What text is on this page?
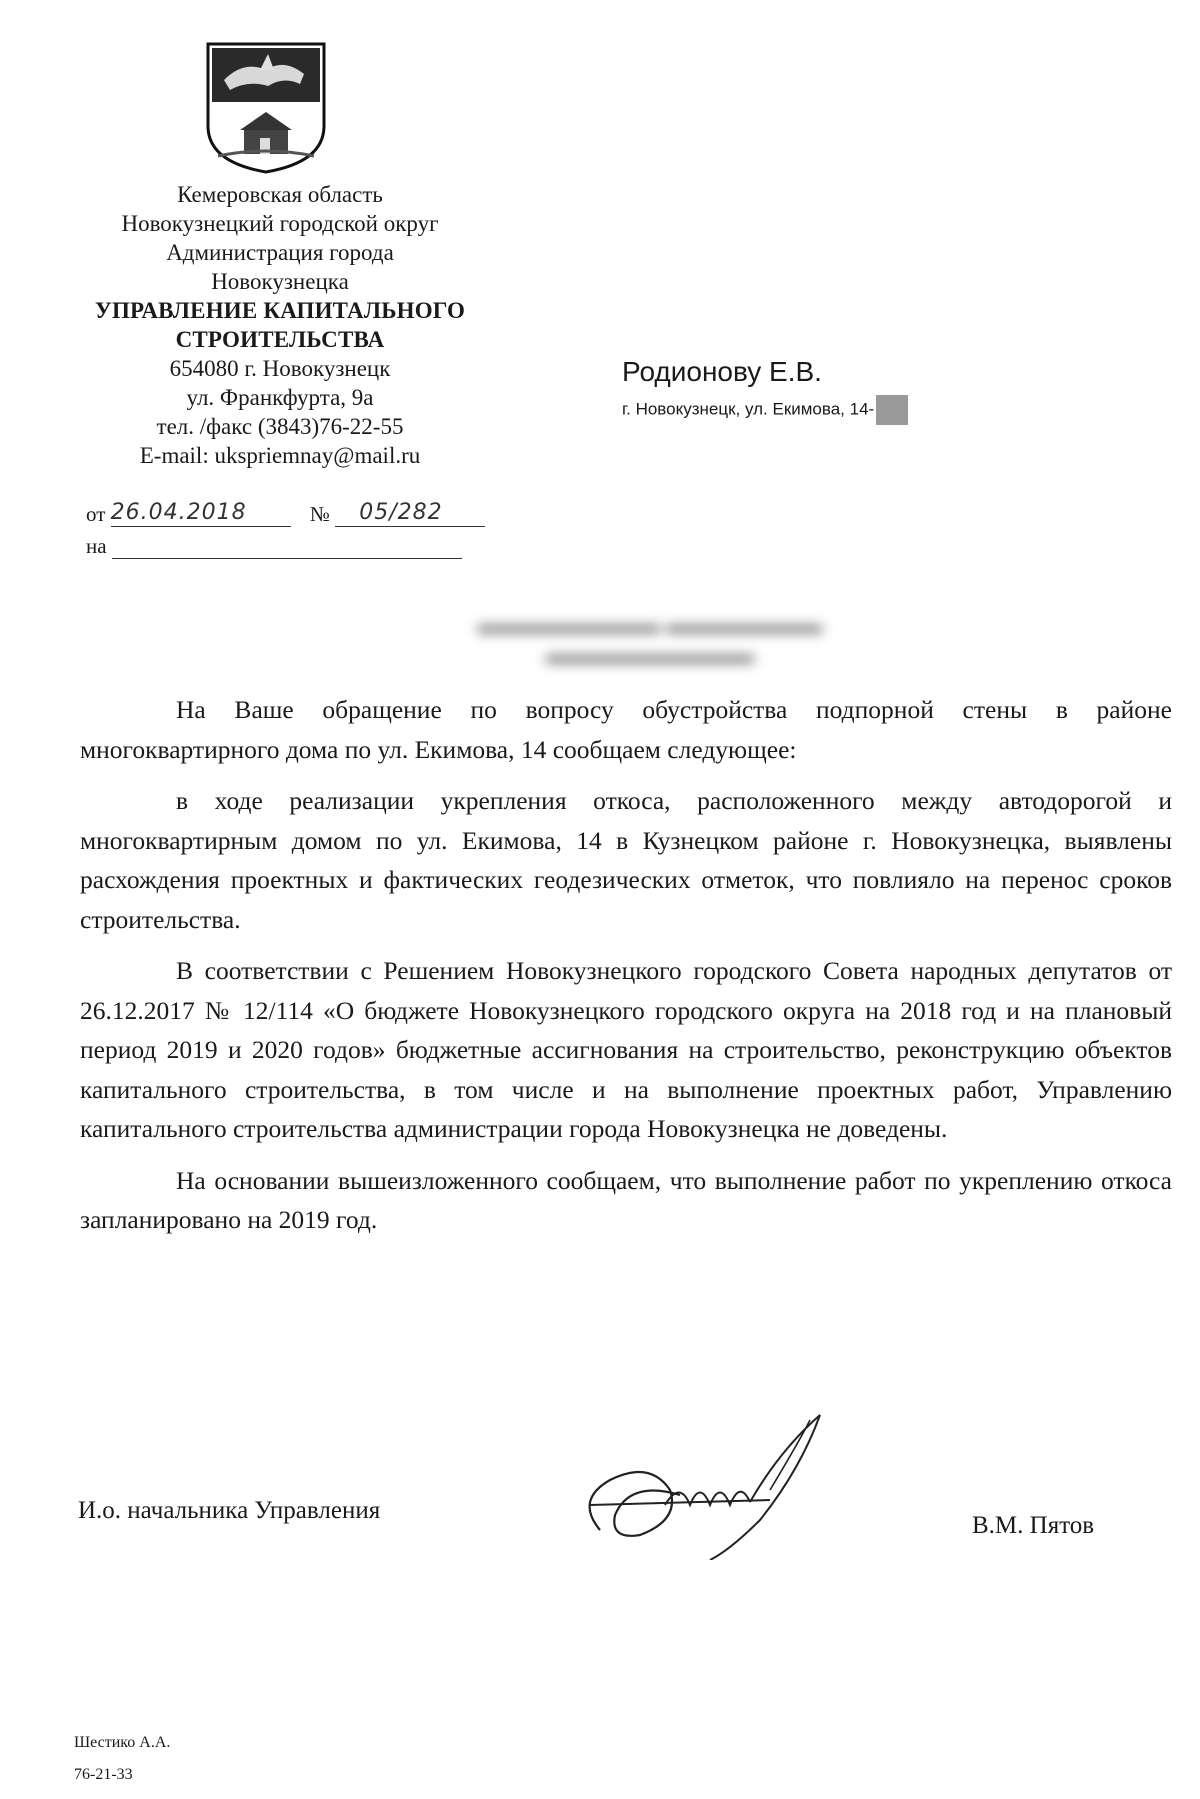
Кемеровская область
Новокузнецкий городской округ
Администрация города
Новокузнецка
УПРАВЛЕНИЕ КАПИТАЛЬНОГО
СТРОИТЕЛЬСТВА
654080 г. Новокузнецк
ул. Франкфурта, 9а
тел. /факс (3843)76-22-55
E-mail: ukspriemnay@mail.ru
от 26.04.2018	№ 05/282
на
Родионову Е.В.
г. Новокузнецк, ул. Екимова, 14-
▬▬▬▬▬▬▬ ▬▬▬▬▬▬ ▬▬▬▬▬▬▬▬

На Ваше обращение по вопросу обустройства подпорной стены в районе многоквартирного дома по ул. Екимова, 14 сообщаем следующее:

в ходе реализации укрепления откоса, расположенного между автодорогой и многоквартирным домом по ул. Екимова, 14 в Кузнецком районе г. Новокузнецка, выявлены расхождения проектных и фактических геодезических отметок, что повлияло на перенос сроков строительства.

В соответствии с Решением Новокузнецкого городского Совета народных депутатов от 26.12.2017 № 12/114 «О бюджете Новокузнецкого городского округа на 2018 год и на плановый период 2019 и 2020 годов» бюджетные ассигнования на строительство, реконструкцию объектов капитального строительства, в том числе и на выполнение проектных работ, Управлению капитального строительства администрации города Новокузнецка не доведены.

На основании вышеизложенного сообщаем, что выполнение работ по укреплению откоса запланировано на 2019 год.

И.о. начальника Управления
В.М. Пятов
Шестико А.А.
76-21-33
